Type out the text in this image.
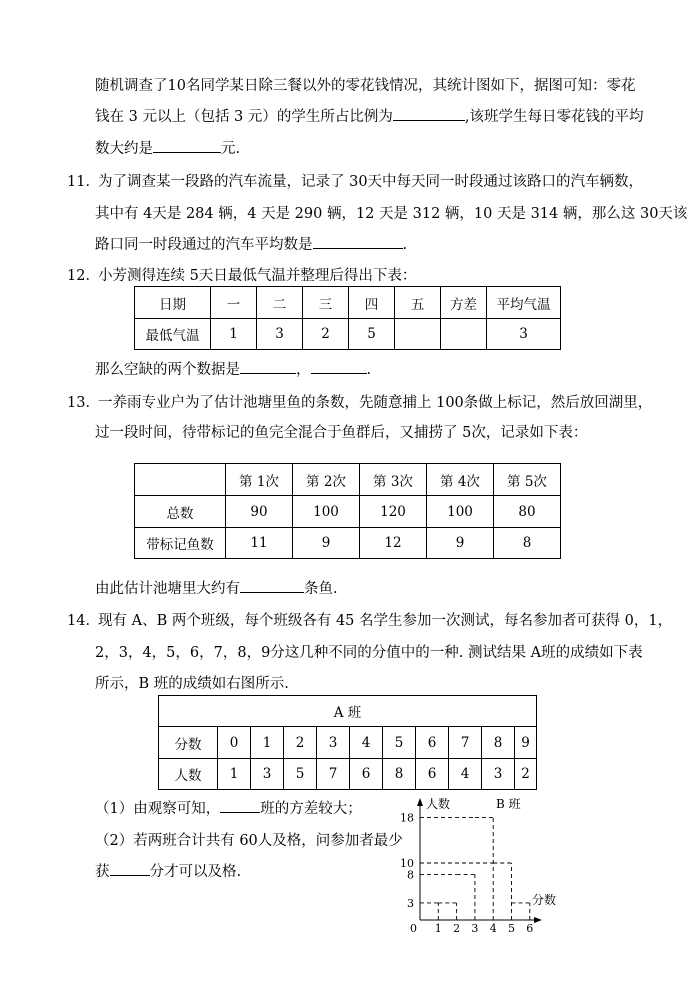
随机调查了10名同学某日除三餐以外的零花钱情况，其统计图如下，据图可知：零花
钱在 3 元以上（包括 3 元）的学生所占比例为	,该班学生每日零花钱的平均
数大约是	元.
11．
为了调查某一段路的汽车流量，记录了 30天中每天同一时段通过该路口的汽车辆数，
其中有 4天是 284 辆，4 天是 290 辆，12 天是 312 辆，10 天是 314 辆，那么这 30天该
路口同一时段通过的汽车平均数是	.
12．
小芳测得连续 5天日最低气温并整理后得出下表：
日期	一	二	三	四	五	方差	平均气温
最低气温	1	3	2	5			3
那么空缺的两个数据是	，	.
13．
一养雨专业户为了估计池塘里鱼的条数，先随意捕上 100条做上标记，然后放回湖里，
过一段时间，待带标记的鱼完全混合于鱼群后，又捕捞了 5次，记录如下表：
	第 1次	第 2次	第 3次	第 4次	第 5次
总数	90	100	120	100	80
带标记鱼数	11	9	12	9	8
由此估计池塘里大约有	条鱼.
14．
现有 A、B 两个班级，每个班级各有 45 名学生参加一次测试，每名参加者可获得 0，1，
2，3，4，5，6，7，8，9分这几种不同的分值中的一种. 测试结果 A班的成绩如下表
所示，B 班的成绩如右图所示.
A 班										
分数	0	1	2	3	4	5	6	7	8	9
人数	1	3	5	7	6	8	6	4	3	2
（1）由观察可知，	班的方差较大；
（2）若两班合计共有 60人及格，问参加者最少
获	分才可以及格.
0
人数	B 班
分数
3
8
10
18
1 2 3 4 5 6
